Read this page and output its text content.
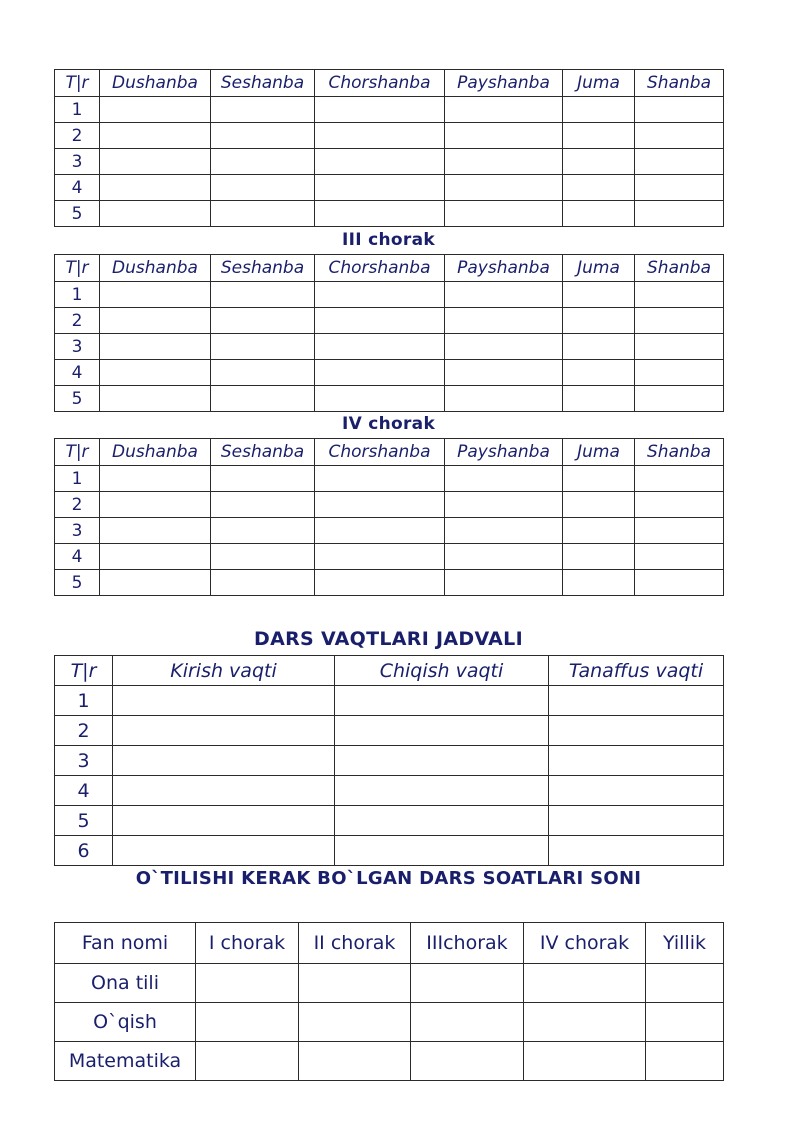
T|r	Dushanba	Seshanba	Chorshanba	Payshanba	Juma	Shanba
1						
2						
3						
4						
5						
III chorak
T|r	Dushanba	Seshanba	Chorshanba	Payshanba	Juma	Shanba
1						
2						
3						
4						
5						
IV chorak
T|r	Dushanba	Seshanba	Chorshanba	Payshanba	Juma	Shanba
1						
2						
3						
4						
5						
DARS VAQTLARI JADVALI
T|r	Kirish vaqti	Chiqish vaqti	Tanaffus vaqti
1			
2			
3			
4			
5			
6			
O`TILISHI KERAK BO`LGAN DARS SOATLARI SONI
Fan nomi	I chorak	II chorak	IIIchorak	IV chorak	Yillik
Ona tili					
O`qish					
Matematika					
